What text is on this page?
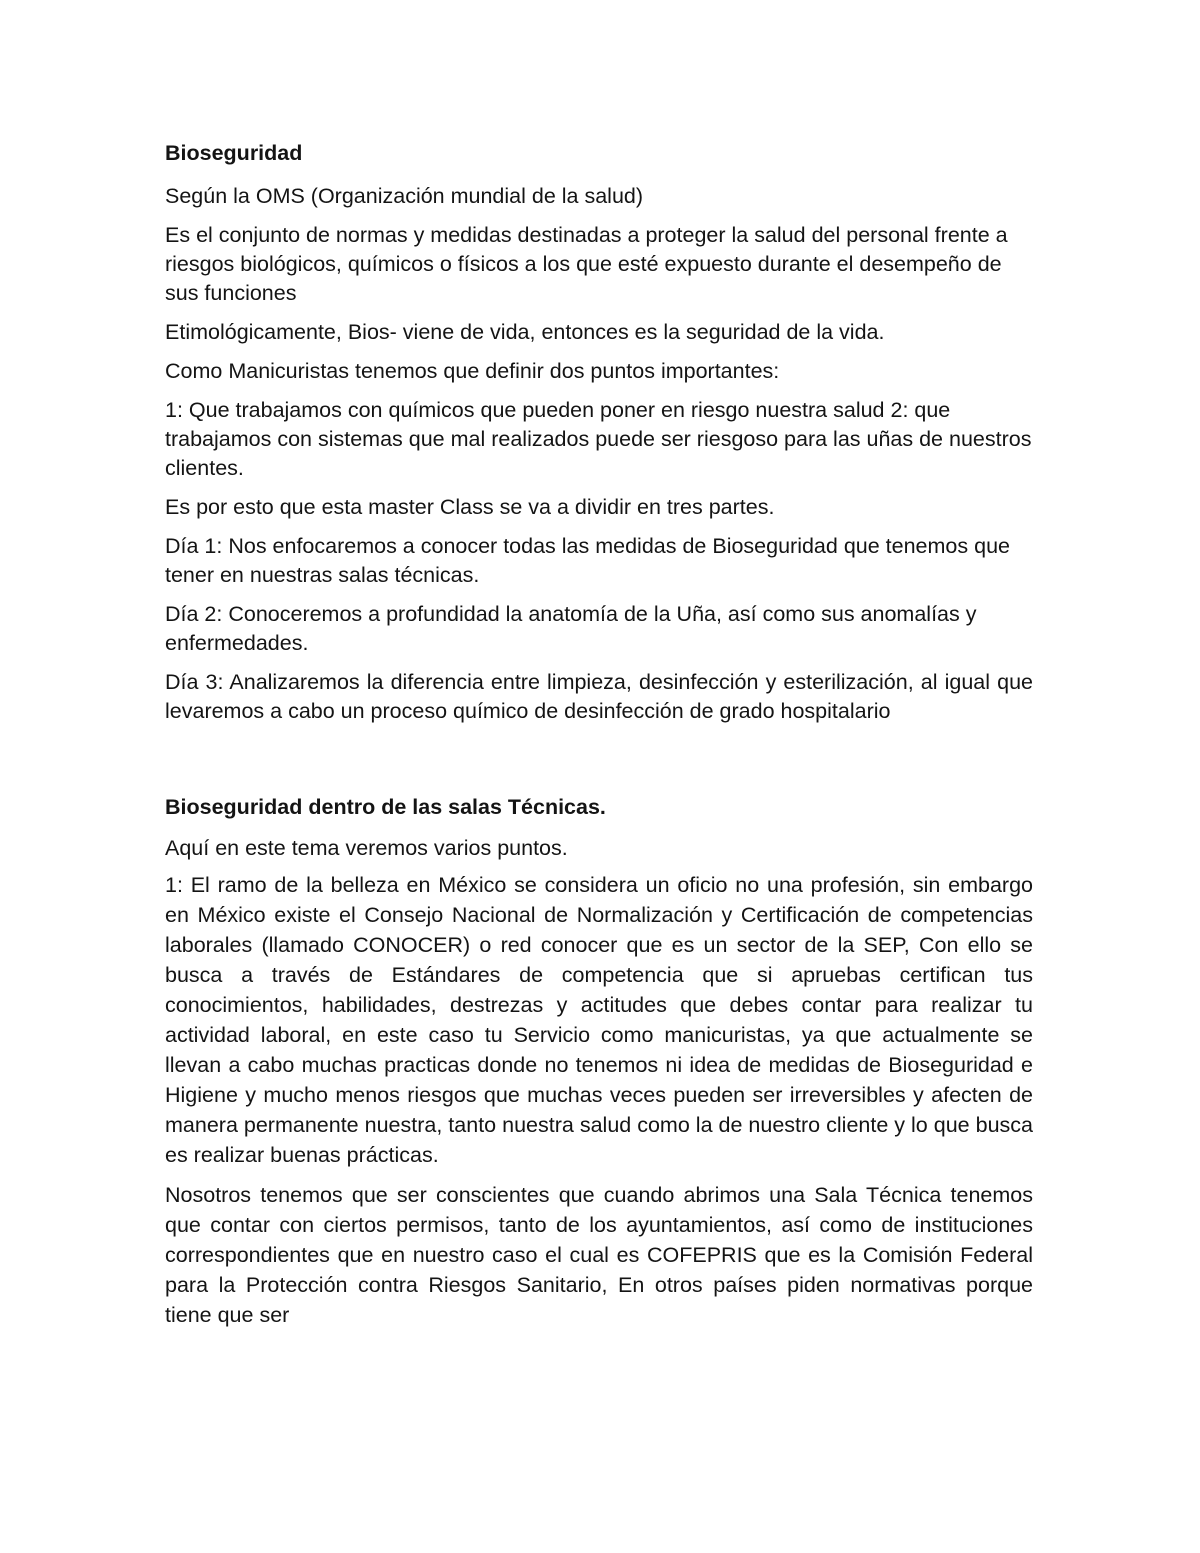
Bioseguridad

Según la OMS (Organización mundial de la salud)

Es el conjunto de normas y medidas destinadas a proteger la salud del personal frente a riesgos biológicos, químicos o físicos a los que esté expuesto durante el desempeño de sus funciones

Etimológicamente, Bios- viene de vida, entonces es la seguridad de la vida.

Como Manicuristas tenemos que definir dos puntos importantes:

1: Que trabajamos con químicos que pueden poner en riesgo nuestra salud 2: que trabajamos con sistemas que mal realizados puede ser riesgoso para las uñas de nuestros clientes.

Es por esto que esta master Class se va a dividir en tres partes.

Día 1: Nos enfocaremos a conocer todas las medidas de Bioseguridad que tenemos que tener en nuestras salas técnicas.

Día 2: Conoceremos a profundidad la anatomía de la Uña, así como sus anomalías y enfermedades.

Día 3: Analizaremos la diferencia entre limpieza, desinfección y esterilización, al igual que levaremos a cabo un proceso químico de desinfección de grado hospitalario

Bioseguridad dentro de las salas Técnicas.

Aquí en este tema veremos varios puntos.

1: El ramo de la belleza en México se considera un oficio no una profesión, sin embargo en México existe el Consejo Nacional de Normalización y Certificación de competencias laborales (llamado CONOCER) o red conocer que es un sector de la SEP, Con ello se busca a través de Estándares de competencia que si apruebas certifican tus conocimientos, habilidades, destrezas y actitudes que debes contar para realizar tu actividad laboral, en este caso tu Servicio como manicuristas, ya que actualmente se llevan a cabo muchas practicas donde no tenemos ni idea de medidas de Bioseguridad e Higiene y mucho menos riesgos que muchas veces pueden ser irreversibles y afecten de manera permanente nuestra, tanto nuestra salud como la de nuestro cliente y lo que busca es realizar buenas prácticas.

Nosotros tenemos que ser conscientes que cuando abrimos una Sala Técnica tenemos que contar con ciertos permisos, tanto de los ayuntamientos, así como de instituciones correspondientes que en nuestro caso el cual es COFEPRIS que es la Comisión Federal para la Protección contra Riesgos Sanitario, En otros países piden normativas porque tiene que ser
